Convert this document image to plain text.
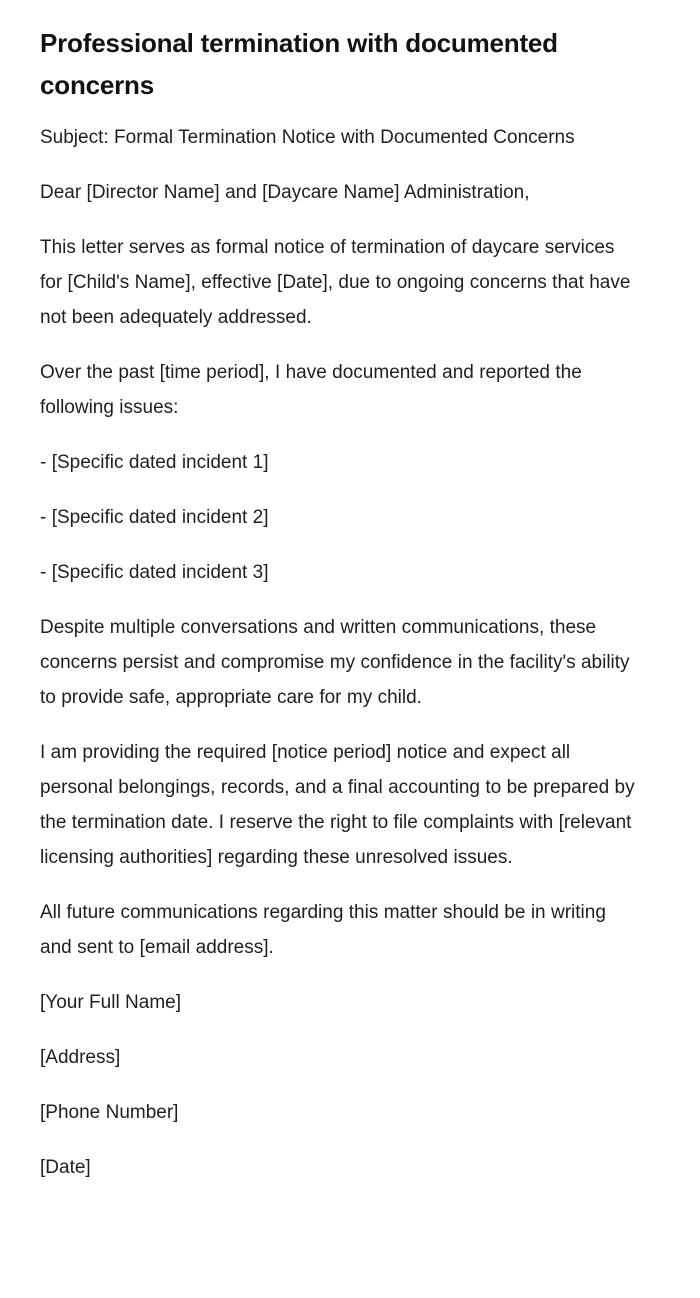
Professional termination with documented concerns

Subject: Formal Termination Notice with Documented Concerns

Dear [Director Name] and [Daycare Name] Administration,

This letter serves as formal notice of termination of daycare services for [Child's Name], effective [Date], due to ongoing concerns that have not been adequately addressed.

Over the past [time period], I have documented and reported the following issues:

- [Specific dated incident 1]

- [Specific dated incident 2]

- [Specific dated incident 3]

Despite multiple conversations and written communications, these concerns persist and compromise my confidence in the facility's ability to provide safe, appropriate care for my child.

I am providing the required [notice period] notice and expect all personal belongings, records, and a final accounting to be prepared by the termination date. I reserve the right to file complaints with [relevant licensing authorities] regarding these unresolved issues.

All future communications regarding this matter should be in writing and sent to [email address].

[Your Full Name]

[Address]

[Phone Number]

[Date]
